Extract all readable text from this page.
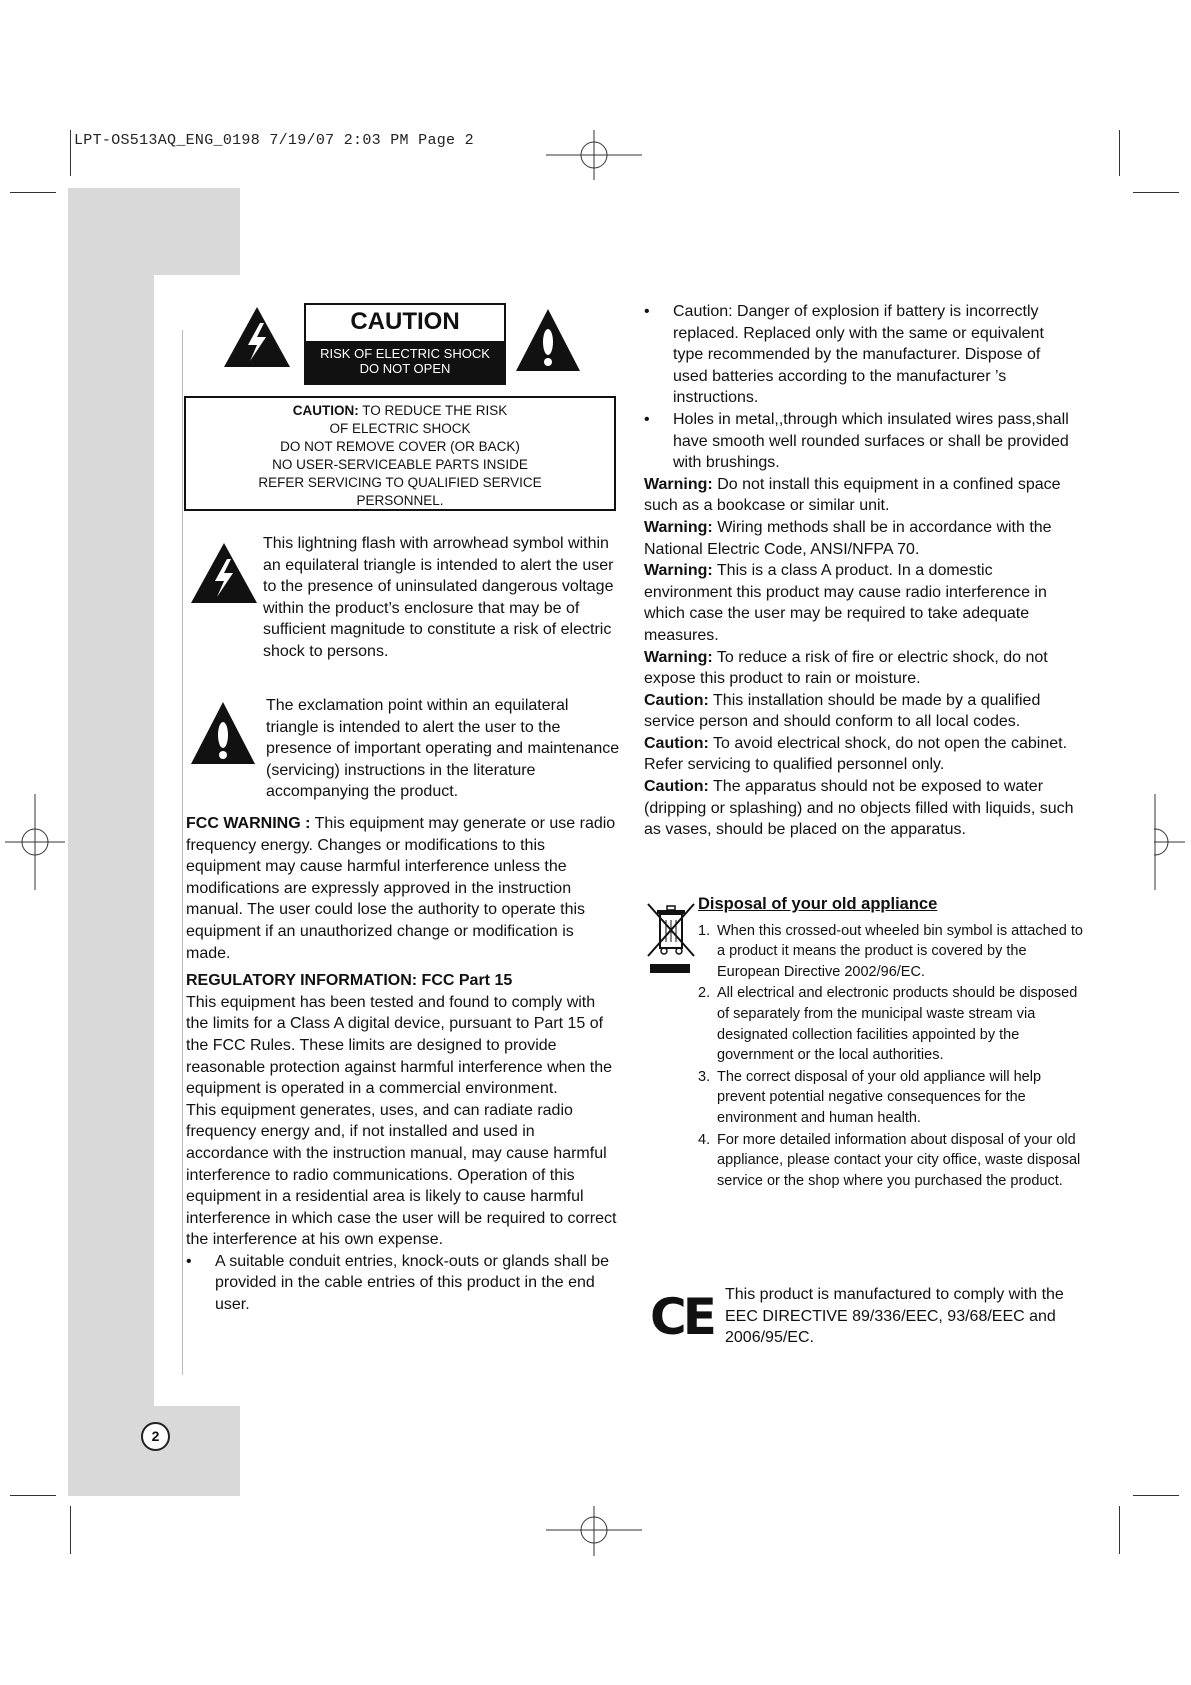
LPT-OS513AQ_ENG_0198 7/19/07 2:03 PM Page 2
2
CAUTION
RISK OF ELECTRIC SHOCK
DO NOT OPEN
CAUTION: TO REDUCE THE RISK
OF ELECTRIC SHOCK
DO NOT REMOVE COVER (OR BACK)
NO USER-SERVICEABLE PARTS INSIDE
REFER SERVICING TO QUALIFIED SERVICE
PERSONNEL.
This lightning flash with arrowhead symbol within an equilateral triangle is intended to alert the user to the presence of uninsulated dangerous voltage within the product’s enclosure that may be of sufficient magnitude to constitute a risk of electric shock to persons.
The exclamation point within an equilateral triangle is intended to alert the user to the presence of important operating and maintenance (servicing) instructions in the literature accompanying the product.

FCC WARNING : This equipment may generate or use radio frequency energy. Changes or modifications to this equipment may cause harmful interference unless the modifications are expressly approved in the instruction manual. The user could lose the authority to operate this equipment if an unauthorized change or modification is made.

REGULATORY INFORMATION: FCC Part 15

This equipment has been tested and found to comply with the limits for a Class A digital device, pursuant to Part 15 of the FCC Rules. These limits are designed to provide reasonable protection against harmful interference when the equipment is operated in a commercial environment.

This equipment generates, uses, and can radiate radio frequency energy and, if not installed and used in accordance with the instruction manual, may cause harmful interference to radio communications. Operation of this equipment in a residential area is likely to cause harmful interference in which case the user will be required to correct the interference at his own expense.

• A suitable conduit entries, knock-outs or glands shall be provided in the cable entries of this product in the end user.
• Caution: Danger of explosion if battery is incorrectly replaced. Replaced only with the same or equivalent type recommended by the manufacturer. Dispose of used batteries according to the manufacturer ’s instructions.
• Holes in metal,,through which insulated wires pass,shall have smooth well rounded surfaces or shall be provided with brushings.

Warning: Do not install this equipment in a confined space such as a bookcase or similar unit.

Warning: Wiring methods shall be in accordance with the National Electric Code, ANSI/NFPA 70.

Warning: This is a class A product. In a domestic environment this product may cause radio interference in which case the user may be required to take adequate measures.

Warning: To reduce a risk of fire or electric shock, do not expose this product to rain or moisture.

Caution: This installation should be made by a qualified service person and should conform to all local codes.

Caution: To avoid electrical shock, do not open the cabinet. Refer servicing to qualified personnel only.

Caution: The apparatus should not be exposed to water (dripping or splashing) and no objects filled with liquids, such as vases, should be placed on the apparatus.

Disposal of your old appliance
1. When this crossed-out wheeled bin symbol is attached to a product it means the product is covered by the European Directive 2002/96/EC.
2. All electrical and electronic products should be disposed of separately from the municipal waste stream via designated collection facilities appointed by the government or the local authorities.
3. The correct disposal of your old appliance will help prevent potential negative consequences for the environment and human health.
4. For more detailed information about disposal of your old appliance, please contact your city office, waste disposal service or the shop where you purchased the product.
CE This product is manufactured to comply with the EEC DIRECTIVE 89/336/EEC, 93/68/EEC and 2006/95/EC.
